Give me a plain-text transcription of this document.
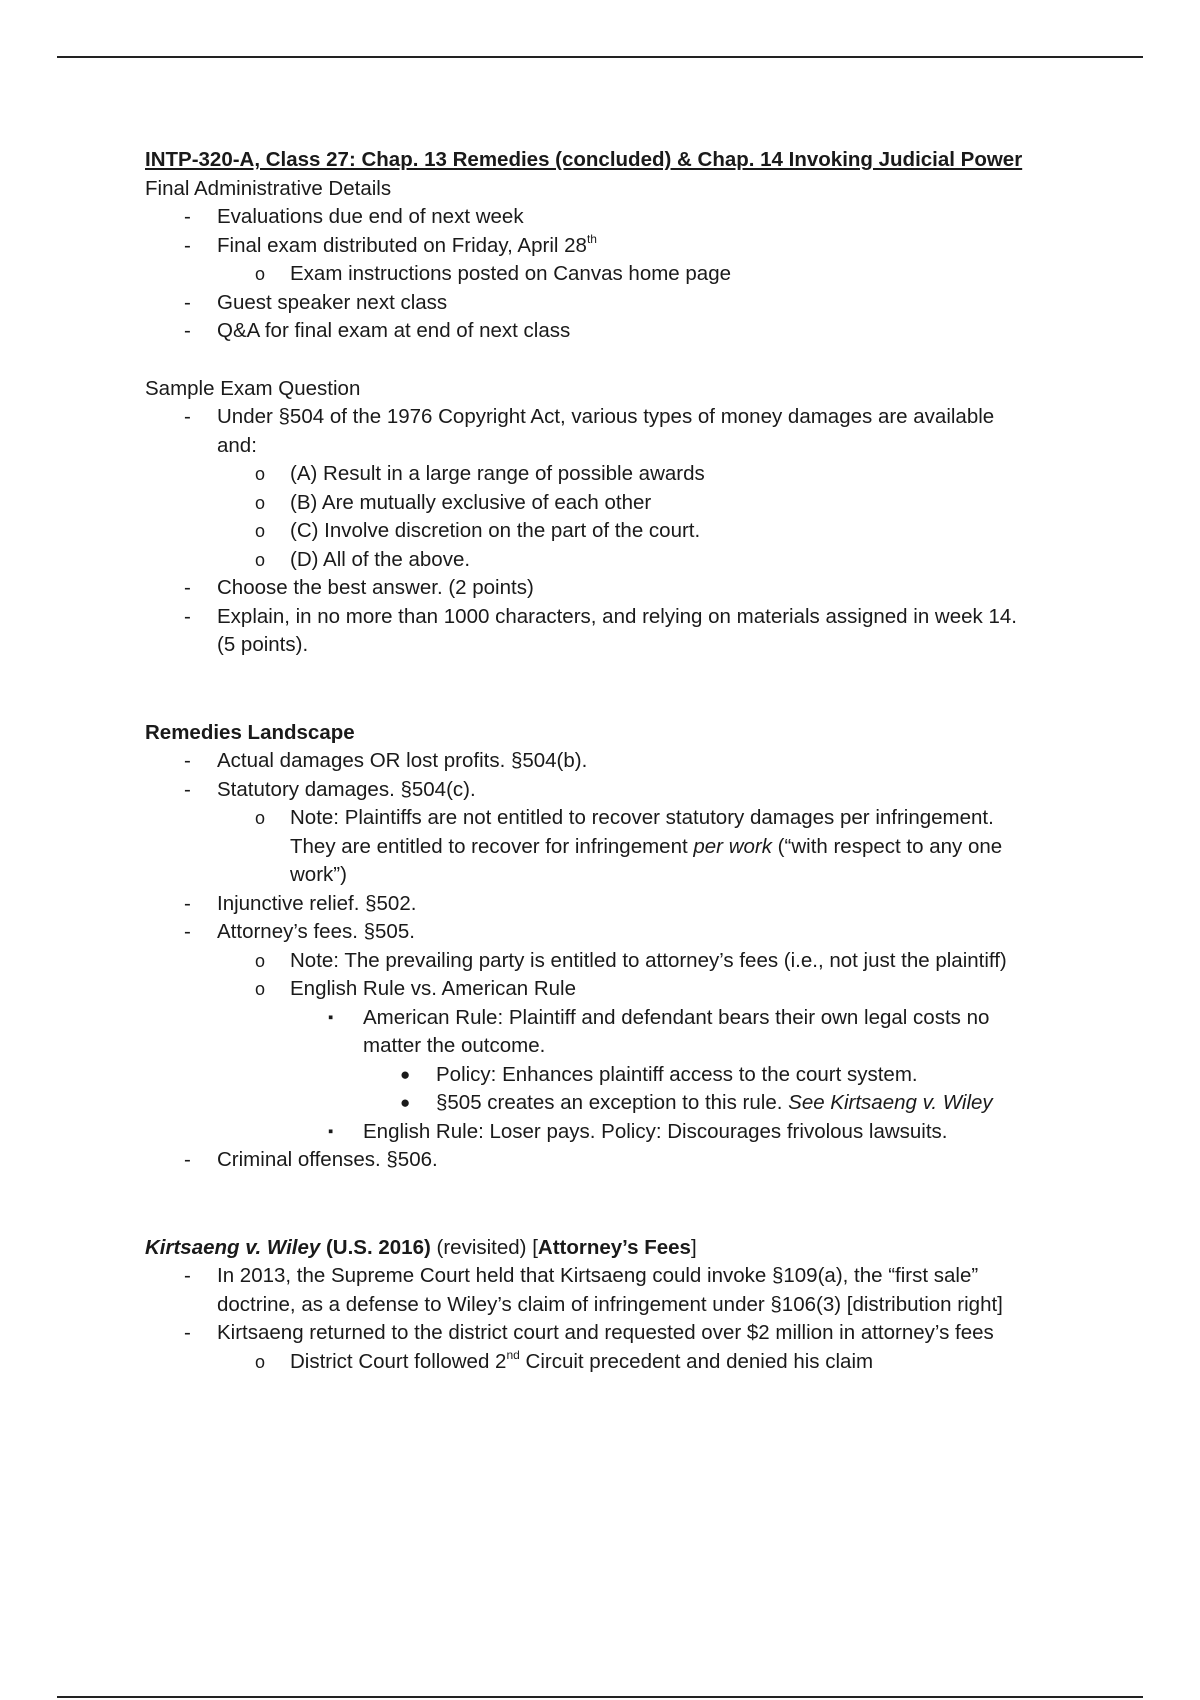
INTP-320-A, Class 27: Chap. 13 Remedies (concluded) & Chap. 14 Invoking Judicial Power
Final Administrative Details
- Evaluations due end of next week
- Final exam distributed on Friday, April 28th
o Exam instructions posted on Canvas home page
- Guest speaker next class
- Q&A for final exam at end of next class
Sample Exam Question
- Under §504 of the 1976 Copyright Act, various types of money damages are available
and:
o (A) Result in a large range of possible awards
o (B) Are mutually exclusive of each other
o (C) Involve discretion on the part of the court.
o (D) All of the above.
- Choose the best answer. (2 points)
- Explain, in no more than 1000 characters, and relying on materials assigned in week 14.
(5 points).
Remedies Landscape
- Actual damages OR lost profits. §504(b).
- Statutory damages. §504(c).
o Note: Plaintiffs are not entitled to recover statutory damages per infringement.
They are entitled to recover for infringement per work (“with respect to any one
work”)
- Injunctive relief. §502.
- Attorney’s fees. §505.
o Note: The prevailing party is entitled to attorney’s fees (i.e., not just the plaintiff)
o English Rule vs. American Rule
▪ American Rule: Plaintiff and defendant bears their own legal costs no
matter the outcome.
● Policy: Enhances plaintiff access to the court system.
● §505 creates an exception to this rule. See Kirtsaeng v. Wiley
▪ English Rule: Loser pays. Policy: Discourages frivolous lawsuits.
- Criminal offenses. §506.
Kirtsaeng v. Wiley (U.S. 2016) (revisited) [Attorney’s Fees]
- In 2013, the Supreme Court held that Kirtsaeng could invoke §109(a), the “first sale”
doctrine, as a defense to Wiley’s claim of infringement under §106(3) [distribution right]
- Kirtsaeng returned to the district court and requested over $2 million in attorney’s fees
o District Court followed 2nd Circuit precedent and denied his claim
